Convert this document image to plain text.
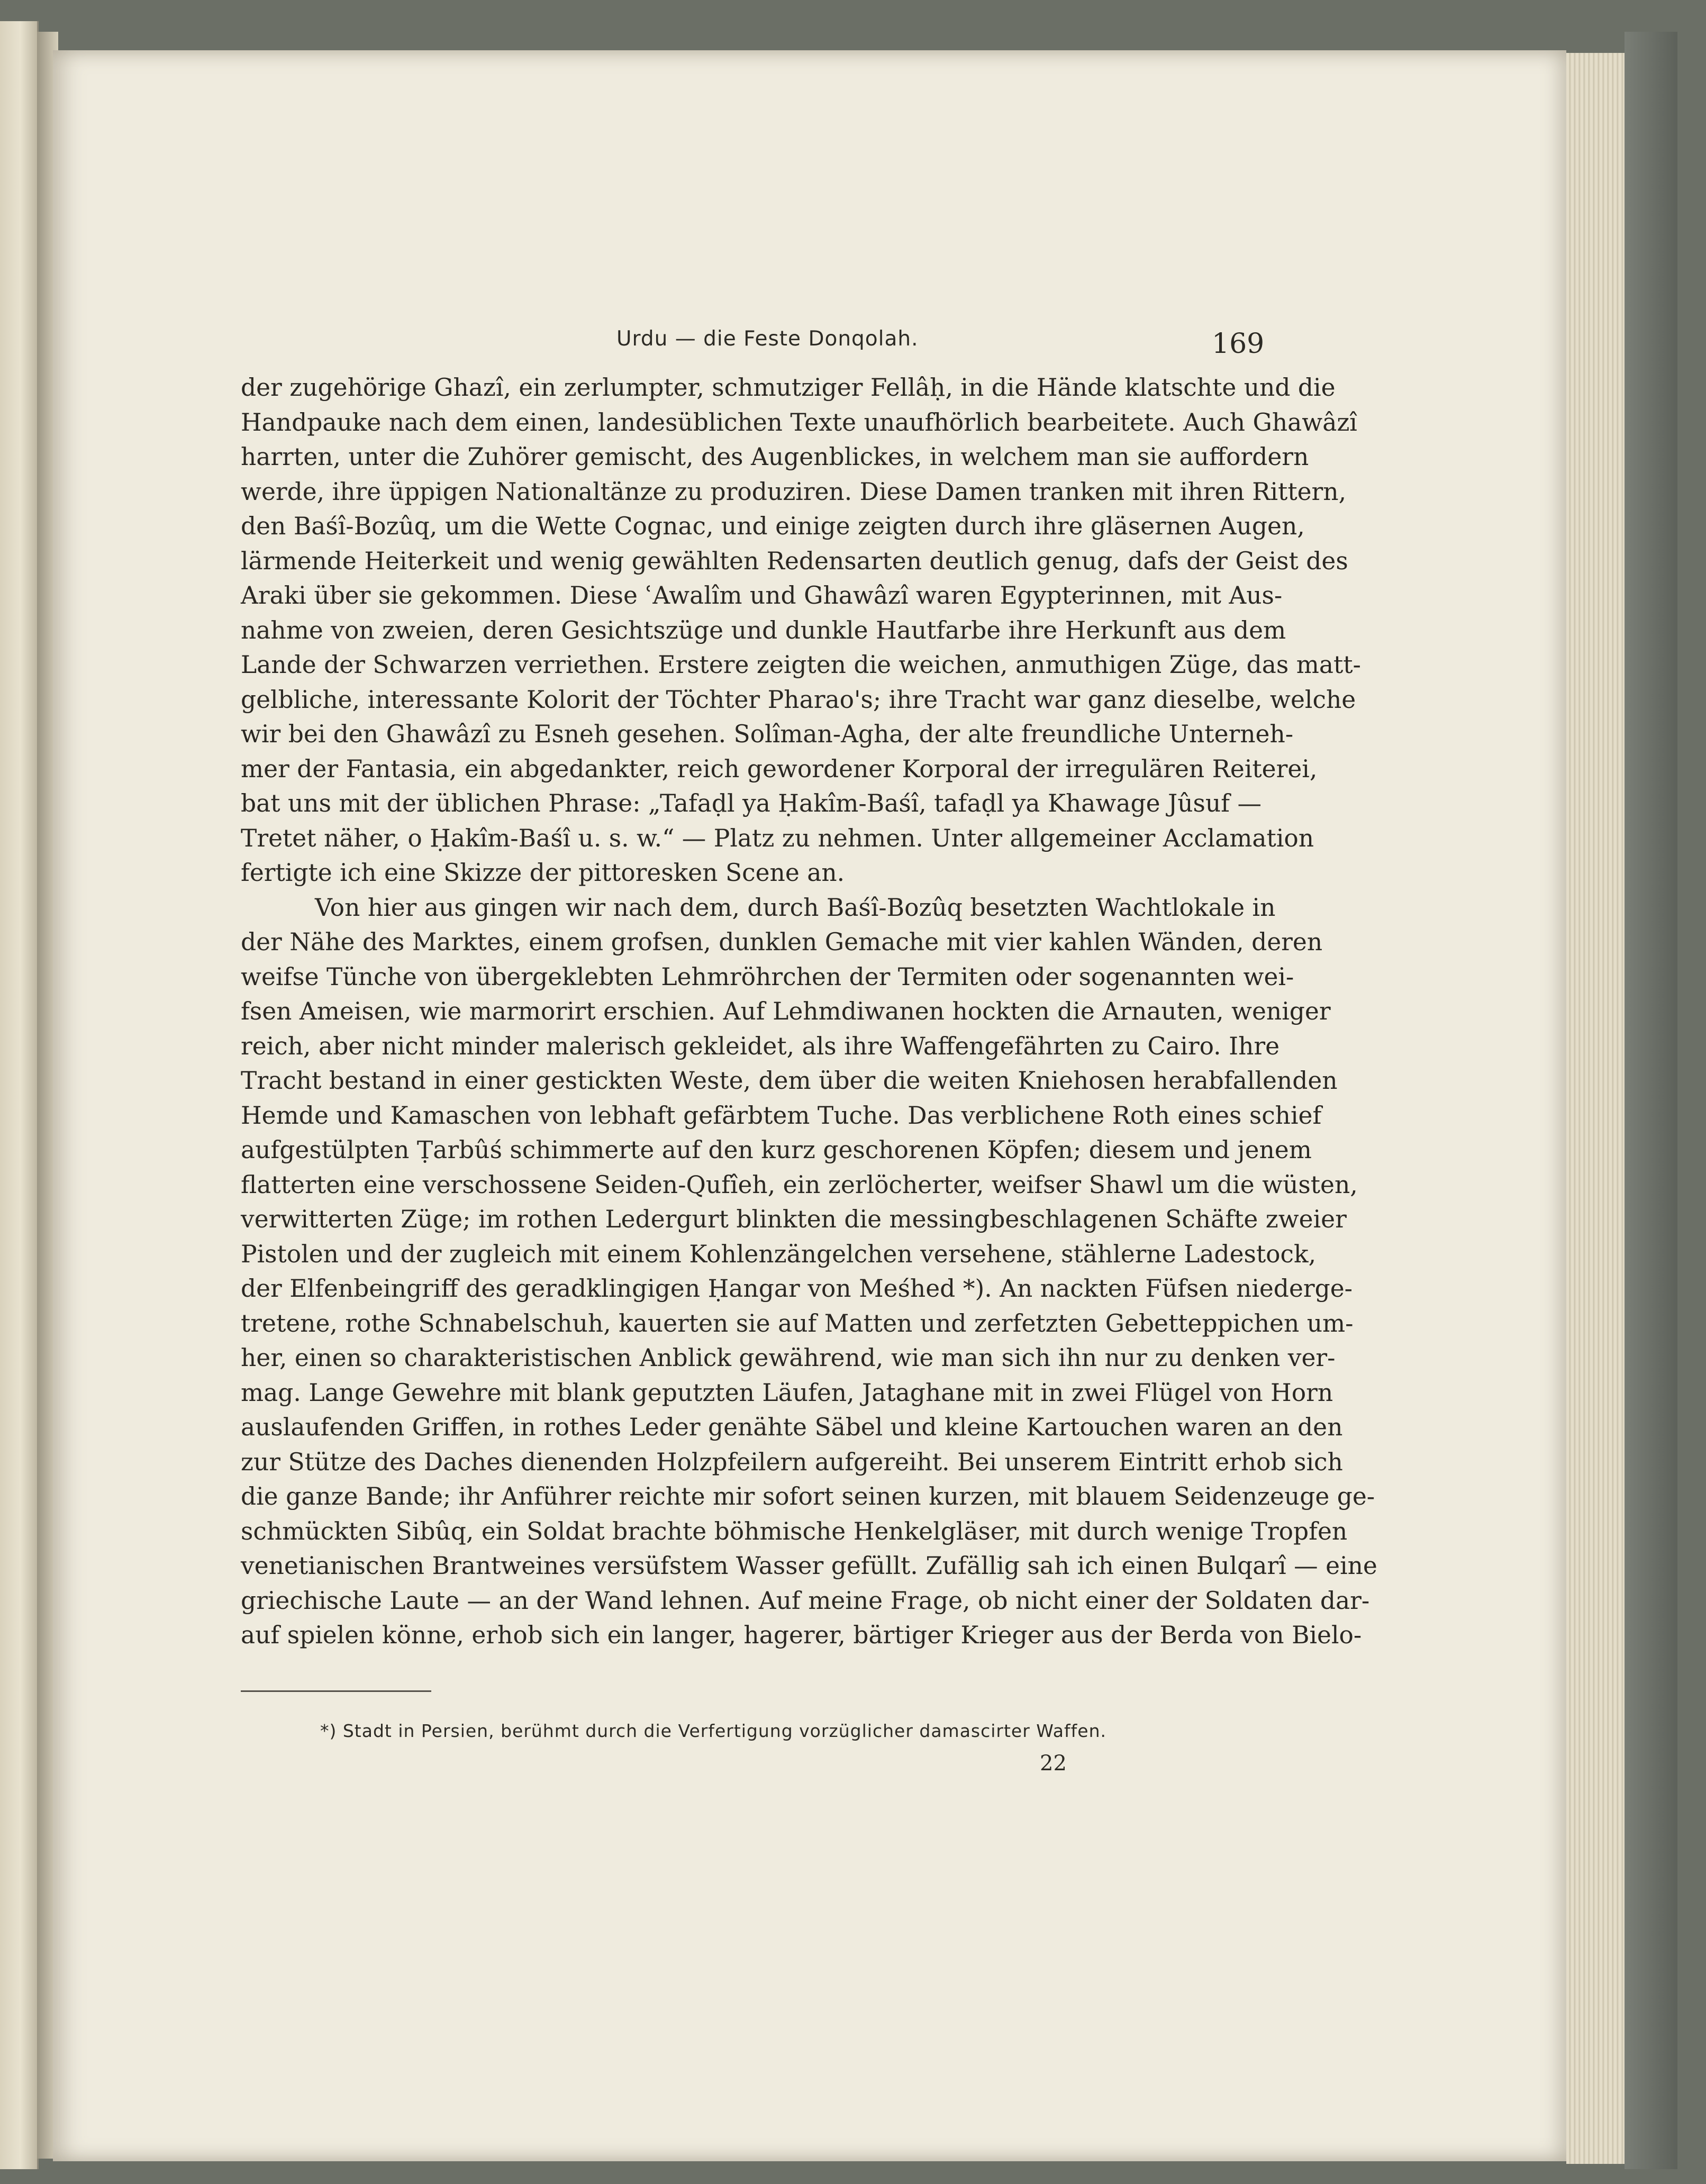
Urdu — die Feste Donqolah.	169
der zugehörige Ghazî, ein zerlumpter, schmutziger Fellâḥ, in die Hände klatschte und die
Handpauke nach dem einen, landesüblichen Texte unaufhörlich bearbeitete. Auch Ghawâzî
harrten, unter die Zuhörer gemischt, des Augenblickes, in welchem man sie auffordern
werde, ihre üppigen Nationaltänze zu produziren. Diese Damen tranken mit ihren Rittern,
den Baśî-Bozûq, um die Wette Cognac, und einige zeigten durch ihre gläsernen Augen,
lärmende Heiterkeit und wenig gewählten Redensarten deutlich genug, dafs der Geist des
Araki über sie gekommen. Diese ʿAwalîm und Ghawâzî waren Egypterinnen, mit Aus-
nahme von zweien, deren Gesichtszüge und dunkle Hautfarbe ihre Herkunft aus dem
Lande der Schwarzen verriethen. Erstere zeigten die weichen, anmuthigen Züge, das matt-
gelbliche, interessante Kolorit der Töchter Pharao's; ihre Tracht war ganz dieselbe, welche
wir bei den Ghawâzî zu Esneh gesehen. Solîman-Agha, der alte freundliche Unterneh-
mer der Fantasia, ein abgedankter, reich gewordener Korporal der irregulären Reiterei,
bat uns mit der üblichen Phrase: „Tafaḍl ya Ḥakîm-Baśî, tafaḍl ya Khawage Jûsuf —
Tretet näher, o Ḥakîm-Baśî u. s. w.“ — Platz zu nehmen. Unter allgemeiner Acclamation
fertigte ich eine Skizze der pittoresken Scene an.
Von hier aus gingen wir nach dem, durch Baśî-Bozûq besetzten Wachtlokale in
der Nähe des Marktes, einem grofsen, dunklen Gemache mit vier kahlen Wänden, deren
weifse Tünche von übergeklebten Lehmröhrchen der Termiten oder sogenannten wei-
fsen Ameisen, wie marmorirt erschien. Auf Lehmdiwanen hockten die Arnauten, weniger
reich, aber nicht minder malerisch gekleidet, als ihre Waffengefährten zu Cairo. Ihre
Tracht bestand in einer gestickten Weste, dem über die weiten Kniehosen herabfallenden
Hemde und Kamaschen von lebhaft gefärbtem Tuche. Das verblichene Roth eines schief
aufgestülpten Ṭarbûś schimmerte auf den kurz geschorenen Köpfen; diesem und jenem
flatterten eine verschossene Seiden-Qufîeh, ein zerlöcherter, weifser Shawl um die wüsten,
verwitterten Züge; im rothen Ledergurt blinkten die messingbeschlagenen Schäfte zweier
Pistolen und der zugleich mit einem Kohlenzängelchen versehene, stählerne Ladestock,
der Elfenbeingriff des geradklingigen Ḥangar von Meśhed *). An nackten Füfsen niederge-
tretene, rothe Schnabelschuh, kauerten sie auf Matten und zerfetzten Gebetteppichen um-
her, einen so charakteristischen Anblick gewährend, wie man sich ihn nur zu denken ver-
mag. Lange Gewehre mit blank geputzten Läufen, Jataghane mit in zwei Flügel von Horn
auslaufenden Griffen, in rothes Leder genähte Säbel und kleine Kartouchen waren an den
zur Stütze des Daches dienenden Holzpfeilern aufgereiht. Bei unserem Eintritt erhob sich
die ganze Bande; ihr Anführer reichte mir sofort seinen kurzen, mit blauem Seidenzeuge ge-
schmückten Sibûq, ein Soldat brachte böhmische Henkelgläser, mit durch wenige Tropfen
venetianischen Brantweines versüfstem Wasser gefüllt. Zufällig sah ich einen Bulqarî — eine
griechische Laute — an der Wand lehnen. Auf meine Frage, ob nicht einer der Soldaten dar-
auf spielen könne, erhob sich ein langer, hagerer, bärtiger Krieger aus der Berda von Bielo-
*) Stadt in Persien, berühmt durch die Verfertigung vorzüglicher damascirter Waffen.
22
